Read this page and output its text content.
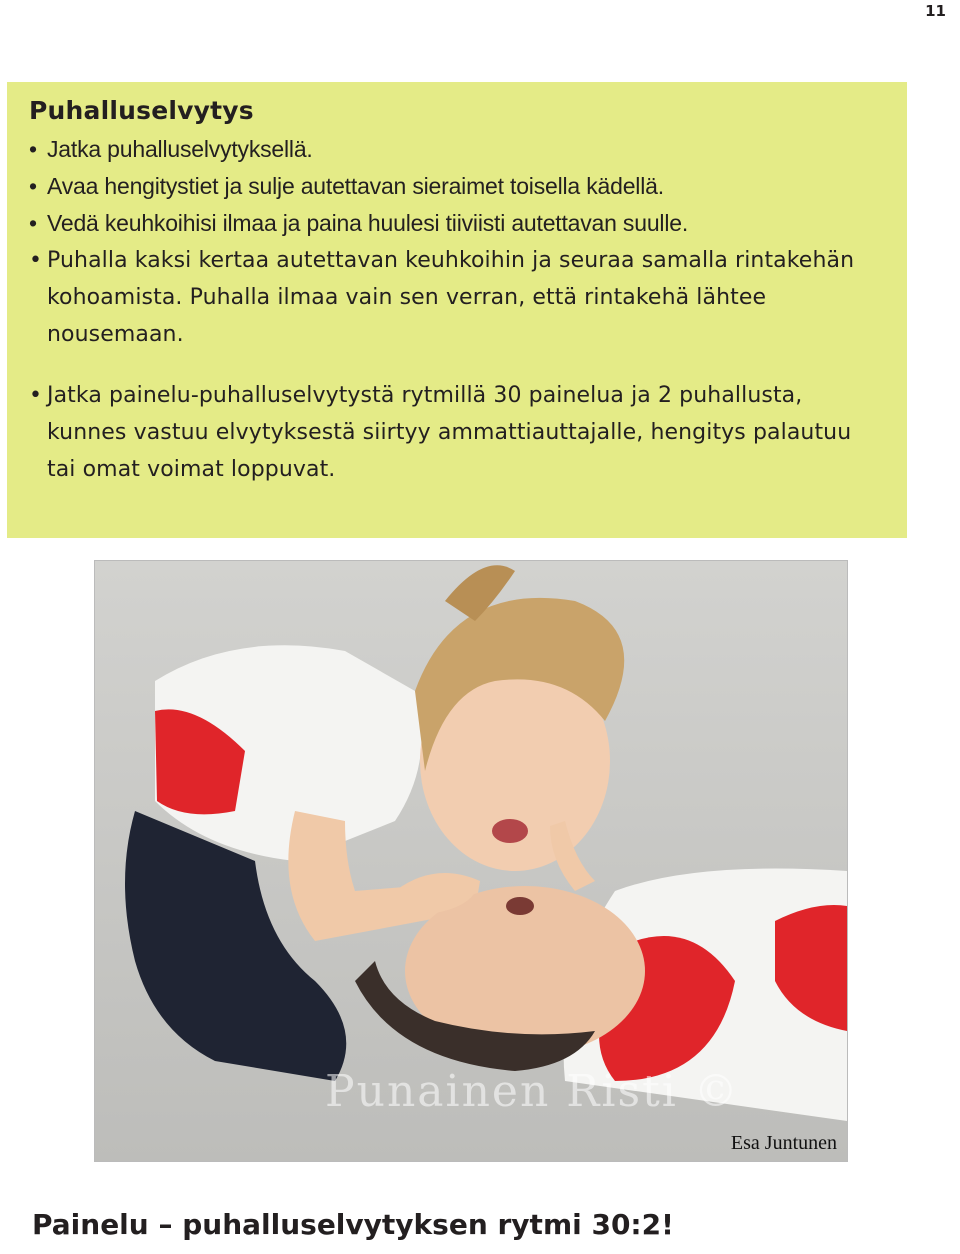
11
Puhalluselvytys
• Jatka puhalluselvytyksellä.
• Avaa hengitystiet ja sulje autettavan sieraimet toisella kädellä.
• Vedä keuhkoihisi ilmaa ja paina huulesi tiiviisti autettavan suulle.
• Puhalla kaksi kertaa autettavan keuhkoihin ja seuraa samalla rintakehän kohoamista. Puhalla ilmaa vain sen verran, että rintakehä lähtee nousemaan.
• Jatka painelu-puhalluselvytystä rytmillä 30 painelua ja 2 puhallusta, kunnes vastuu elvytyksestä siirtyy ammattiauttajalle, hengitys palautuu tai omat voimat loppuvat.
Punainen Risti ©
Esa Juntunen
Painelu – puhalluselvytyksen rytmi 30:2!
